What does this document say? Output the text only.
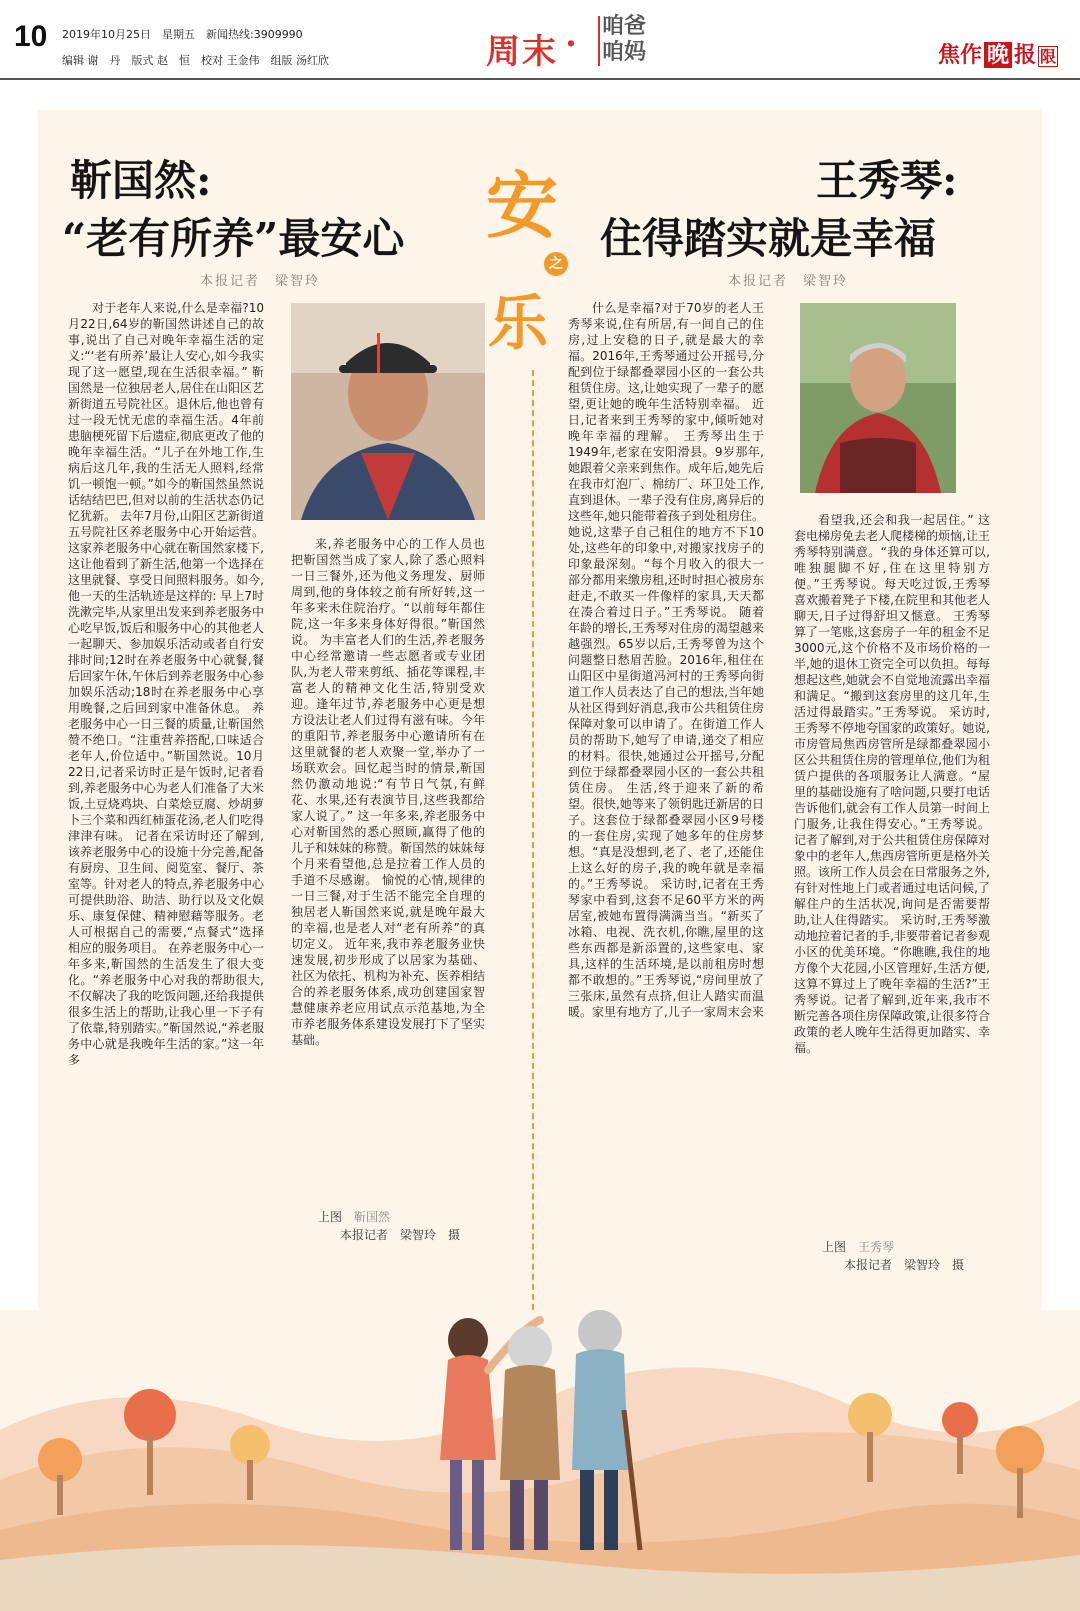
10 2019年10月25日　星期五　新闻热线:3909990
编辑 谢　丹　版式 赵　恒　校对 王金伟　组版 汤红欣	周末 · 咱爸
咱妈	焦作 晚 报 限
靳国然:
“老有所养”最安心
本报记者　梁智玲
安
之
乐
王秀琴:
住得踏实就是幸福
本报记者　梁智玲

对于老年人来说,什么是幸福?10月22日,64岁的靳国然讲述自己的故事,说出了自己对晚年幸福生活的定义:“‘老有所养’最让人安心,如今我实现了这一愿望,现在生活很幸福。” 靳国然是一位独居老人,居住在山阳区艺新街道五号院社区。退休后,他也曾有过一段无忧无虑的幸福生活。4年前患脑梗死留下后遗症,彻底更改了他的晚年幸福生活。“儿子在外地工作,生病后这几年,我的生活无人照料,经常饥一顿饱一顿。”如今的靳国然虽然说话结结巴巴,但对以前的生活状态仍记忆犹新。 去年7月份,山阳区艺新街道五号院社区养老服务中心开始运营。这家养老服务中心就在靳国然家楼下,这让他看到了新生活,他第一个选择在这里就餐、享受日间照料服务。如今,他一天的生活轨迹是这样的: 早上7时洗漱完毕,从家里出发来到养老服务中心吃早饭,饭后和服务中心的其他老人一起聊天、参加娱乐活动或者自行安排时间;12时在养老服务中心就餐,餐后回家午休,午休后到养老服务中心参加娱乐活动;18时在养老服务中心享用晚餐,之后回到家中准备休息。 养老服务中心一日三餐的质量,让靳国然赞不绝口。“注重营养搭配,口味适合老年人,价位适中。”靳国然说。10月22日,记者采访时正是午饭时,记者看到,养老服务中心为老人们准备了大米饭,土豆烧鸡块、白菜烩豆腐、炒胡萝卜三个菜和西红柿蛋花汤,老人们吃得津津有味。 记者在采访时还了解到,该养老服务中心的设施十分完善,配备有厨房、卫生间、阅览室、餐厅、茶室等。针对老人的特点,养老服务中心可提供助浴、助洁、助行以及文化娱乐、康复保健、精神慰藉等服务。老人可根据自己的需要,“点餐式”选择相应的服务项目。 在养老服务中心一年多来,靳国然的生活发生了很大变化。“养老服务中心对我的帮助很大,不仅解决了我的吃饭问题,还给我提供很多生活上的帮助,让我心里一下子有了依靠,特别踏实。”靳国然说,“养老服务中心就是我晚年生活的家。”这一年多

来,养老服务中心的工作人员也把靳国然当成了家人,除了悉心照料一日三餐外,还为他义务理发、厨师周到,他的身体较之前有所好转,这一年多来未住院治疗。“以前每年都住院,这一年多来身体好得很。”靳国然说。 为丰富老人们的生活,养老服务中心经常邀请一些志愿者或专业团队,为老人带来剪纸、插花等课程,丰富老人的精神文化生活,特别受欢迎。逢年过节,养老服务中心更是想方设法让老人们过得有滋有味。今年的重阳节,养老服务中心邀请所有在这里就餐的老人欢聚一堂,举办了一场联欢会。回忆起当时的情景,靳国然仍激动地说:“有节日气氛,有鲜花、水果,还有表演节目,这些我都给家人说了。” 这一年多来,养老服务中心对靳国然的悉心照顾,赢得了他的儿子和妹妹的称赞。靳国然的妹妹每个月来看望他,总是拉着工作人员的手道不尽感谢。 愉悦的心情,规律的一日三餐,对于生活不能完全自理的独居老人靳国然来说,就是晚年最大的幸福,也是老人对“老有所养”的真切定义。 近年来,我市养老服务业快速发展,初步形成了以居家为基础、社区为依托、机构为补充、医养相结合的养老服务体系,成功创建国家智慧健康养老应用试点示范基地,为全市养老服务体系建设发展打下了坚实基础。

上图 靳国然
本报记者　梁智玲　摄

什么是幸福?对于70岁的老人王秀琴来说,住有所居,有一间自己的住房,过上安稳的日子,就是最大的幸福。2016年,王秀琴通过公开摇号,分配到位于绿都叠翠园小区的一套公共租赁住房。这,让她实现了一辈子的愿望,更让她的晚年生活特别幸福。 近日,记者来到王秀琴的家中,倾听她对晚年幸福的理解。 王秀琴出生于1949年,老家在安阳滑县。9岁那年,她跟着父亲来到焦作。成年后,她先后在我市灯泡厂、棉纺厂、环卫处工作,直到退休。一辈子没有住房,离异后的这些年,她只能带着孩子到处租房住。她说,这辈子自己租住的地方不下10处,这些年的印象中,对搬家找房子的印象最深刻。“每个月收入的很大一部分都用来缴房租,还时时担心被房东赶走,不敢买一件像样的家具,天天都在凑合着过日子。”王秀琴说。 随着年龄的增长,王秀琴对住房的渴望越来越强烈。65岁以后,王秀琴曾为这个问题整日愁眉苦脸。2016年,租住在山阳区中星街道冯河村的王秀琴向街道工作人员表达了自己的想法,当年她从社区得到好消息,我市公共租赁住房保障对象可以申请了。在街道工作人员的帮助下,她写了申请,递交了相应的材料。很快,她通过公开摇号,分配到位于绿都叠翠园小区的一套公共租赁住房。 生活,终于迎来了新的希望。很快,她等来了领钥匙迁新居的日子。这套位于绿都叠翠园小区9号楼的一套住房,实现了她多年的住房梦想。“真是没想到,老了、老了,还能住上这么好的房子,我的晚年就是幸福的。”王秀琴说。 采访时,记者在王秀琴家中看到,这套不足60平方米的两居室,被她布置得满满当当。“新买了冰箱、电视、洗衣机,你瞧,屋里的这些东西都是新添置的,这些家电、家具,这样的生活环境,是以前租房时想都不敢想的。”王秀琴说,“房间里放了三张床,虽然有点挤,但让人踏实而温暖。家里有地方了,儿子一家周末会来

看望我,还会和我一起居住。” 这套电梯房免去老人爬楼梯的烦恼,让王秀琴特别满意。“我的身体还算可以,唯独腿脚不好,住在这里特别方便。”王秀琴说。每天吃过饭,王秀琴喜欢搬着凳子下楼,在院里和其他老人聊天,日子过得舒坦又惬意。 王秀琴算了一笔账,这套房子一年的租金不足3000元,这个价格不及市场价格的一半,她的退休工资完全可以负担。每每想起这些,她就会不自觉地流露出幸福和满足。“搬到这套房里的这几年,生活过得最踏实。”王秀琴说。 采访时,王秀琴不停地夸国家的政策好。她说,市房管局焦西房管所是绿都叠翠园小区公共租赁住房的管理单位,他们为租赁户提供的各项服务让人满意。“屋里的基础设施有了啥问题,只要打电话告诉他们,就会有工作人员第一时间上门服务,让我住得安心。”王秀琴说。记者了解到,对于公共租赁住房保障对象中的老年人,焦西房管所更是格外关照。该所工作人员会在日常服务之外,有针对性地上门或者通过电话问候,了解住户的生活状况,询问是否需要帮助,让人住得踏实。 采访时,王秀琴激动地拉着记者的手,非要带着记者参观小区的优美环境。“你瞧瞧,我住的地方像个大花园,小区管理好,生活方便,这算不算过上了晚年幸福的生活?”王秀琴说。记者了解到,近年来,我市不断完善各项住房保障政策,让很多符合政策的老人晚年生活得更加踏实、幸福。

上图 王秀琴
本报记者　梁智玲　摄
